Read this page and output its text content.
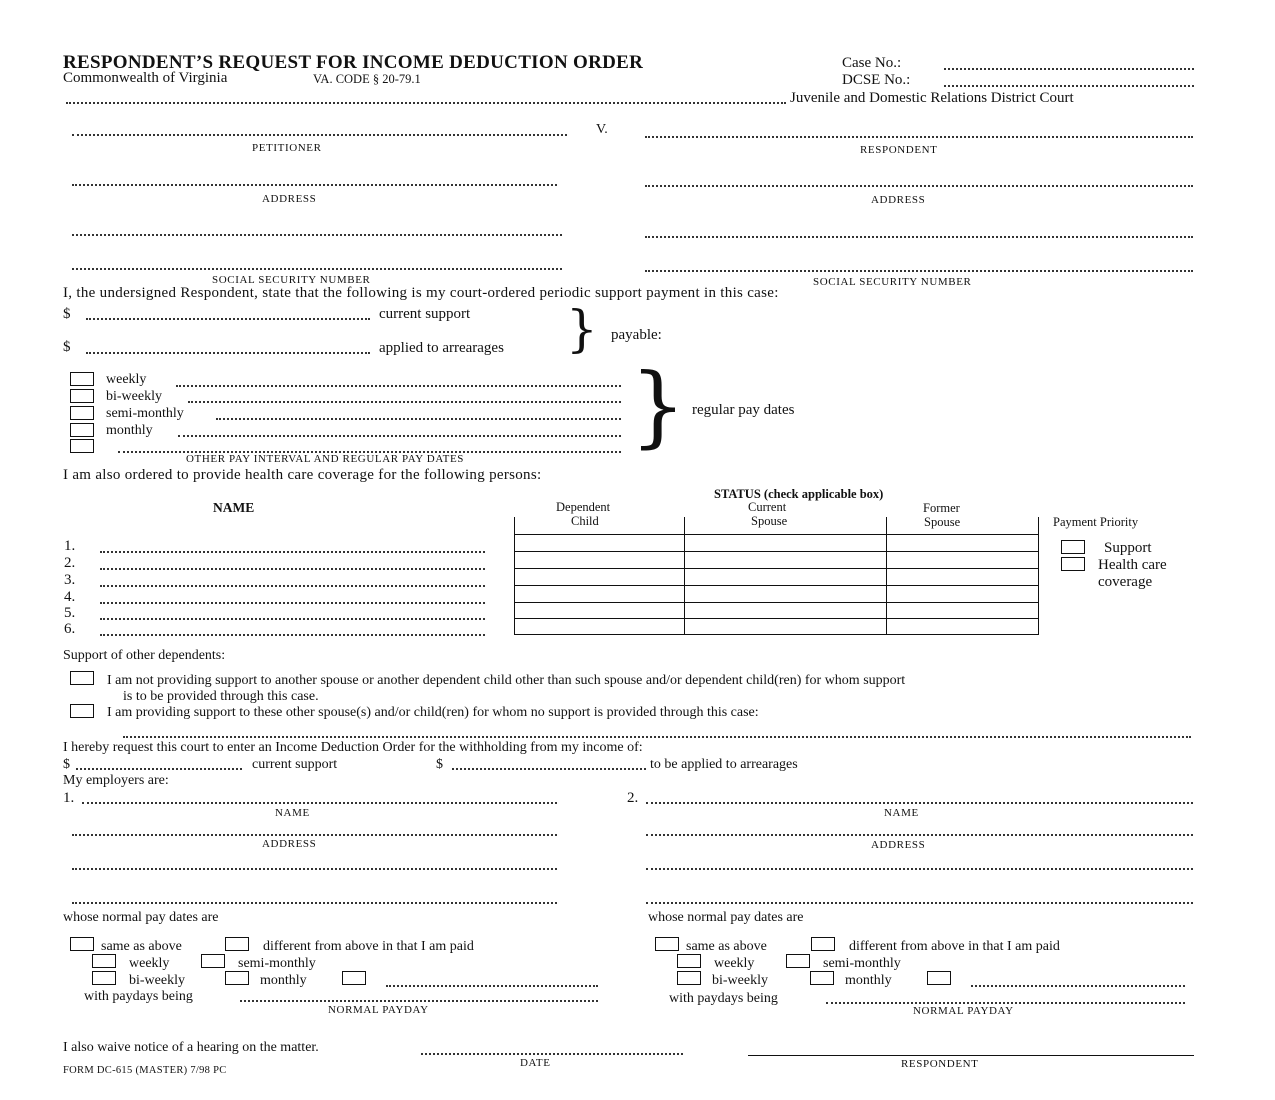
RESPONDENT’S REQUEST FOR INCOME DEDUCTION ORDER
Commonwealth of Virginia	VA. CODE § 20-79.1
Case No.:
DCSE No.:
Juvenile and Domestic Relations District Court
V.
PETITIONER	RESPONDENT
ADDRESS	ADDRESS
SOCIAL SECURITY NUMBER	SOCIAL SECURITY NUMBER
I, the undersigned Respondent, state that the following is my court-ordered periodic support payment in this case:
$	current support
$	applied to arrearages } payable:
weekly
bi-weekly
semi-monthly
monthly
OTHER PAY INTERVAL AND REGULAR PAY DATES
} regular pay dates
I am also ordered to provide health care coverage for the following persons:
NAME
STATUS (check applicable box)
Dependent
Child
Current
Spouse
Former
Spouse	Payment Priority
1.
2.
3.
4.
5.
6.
Support
Health care
coverage
Support of other dependents:
I am not providing support to another spouse or another dependent child other than such spouse and/or dependent child(ren) for whom support
is to be provided through this case.
I am providing support to these other spouse(s) and/or child(ren) for whom no support is provided through this case:
I hereby request this court to enter an Income Deduction Order for the withholding from my income of:
$	current support	$	to be applied to arrearages
My employers are:
1.
NAME
ADDRESS
whose normal pay dates are
same as above	different from above in that I am paid
weekly	semi-monthly
bi-weekly	monthly
with paydays being
NORMAL PAYDAY
2.
NAME
ADDRESS
whose normal pay dates are
same as above	different from above in that I am paid
weekly	semi-monthly
bi-weekly	monthly
with paydays being
NORMAL PAYDAY
I also waive notice of a hearing on the matter.
DATE	RESPONDENT
FORM DC-615 (MASTER) 7/98 PC
